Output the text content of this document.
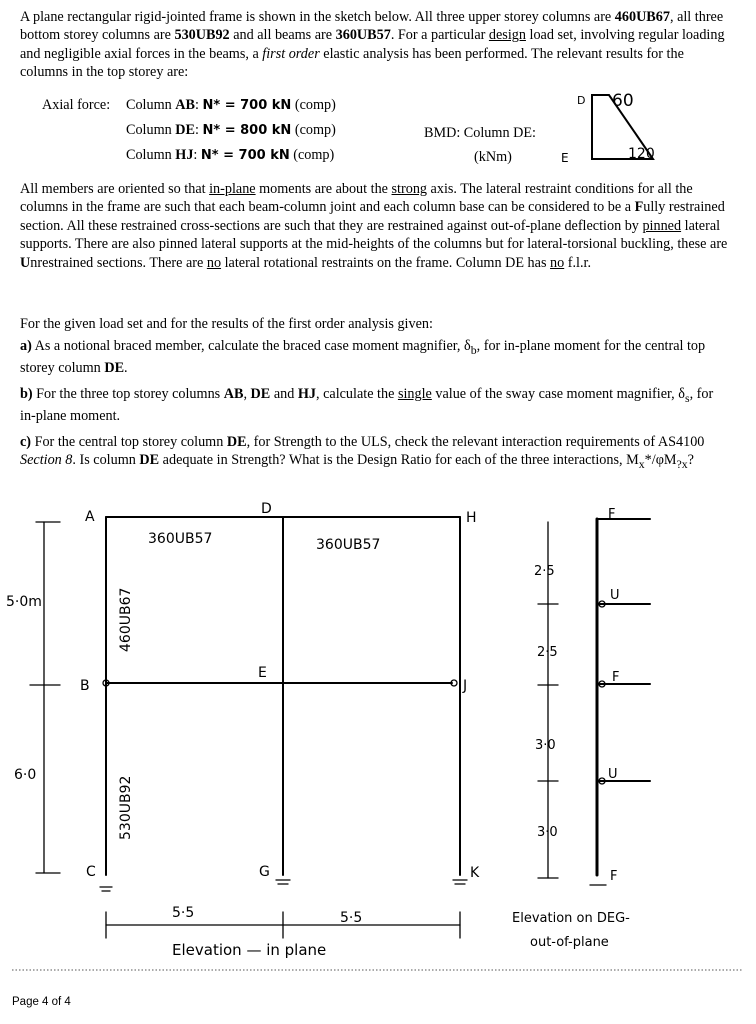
A plane rectangular rigid-jointed frame is shown in the sketch below. All three upper storey columns are 460UB67, all three bottom storey columns are 530UB92 and all beams are 360UB57. For a particular design load set, involving regular loading and negligible axial forces in the beams, a first order elastic analysis has been performed. The relevant results for the columns in the top storey are:
Axial force: Column AB: N* = 700 kN (comp)
Column DE: N* = 800 kN (comp)
Column HJ: N* = 700 kN (comp)
BMD: Column DE:
(kNm)
D 60
E	120
All members are oriented so that in-plane moments are about the strong axis. The lateral restraint conditions for all the columns in the frame are such that each beam-column joint and each column base can be considered to be a Fully restrained section. All these restrained cross-sections are such that they are restrained against out-of-plane deflection by pinned lateral supports. There are also pinned lateral supports at the mid-heights of the columns but for lateral-torsional buckling, these are Unrestrained sections. There are no lateral rotational restraints on the frame. Column DE has no f.l.r.
For the given load set and for the results of the first order analysis given:
a) As a notional braced member, calculate the braced case moment magnifier, $\delta_b$, for in-plane moment for the central top storey column DE.
b) For the three top storey columns AB, DE and HJ, calculate the single value of the sway case moment magnifier, $\delta_s$, for in-plane moment.
c) For the central top storey column DE, for Strength to the ULS, check the relevant interaction requirements of AS4100 Section 8. Is column DE adequate in Strength? What is the Design Ratio for each of the three interactions, $M_x*/\varphi M_{?x}$?
A
B
C
D
E
G
H
J
K
360UB57	360UB57
460UB67
530UB92
5·0m
6·0
5·5	5·5
Elevation — in plane
2·5
2·5
3·0
3·0
F
U
F
U
F
Elevation on DEG-
out-of-plane
Page 4 of 4
